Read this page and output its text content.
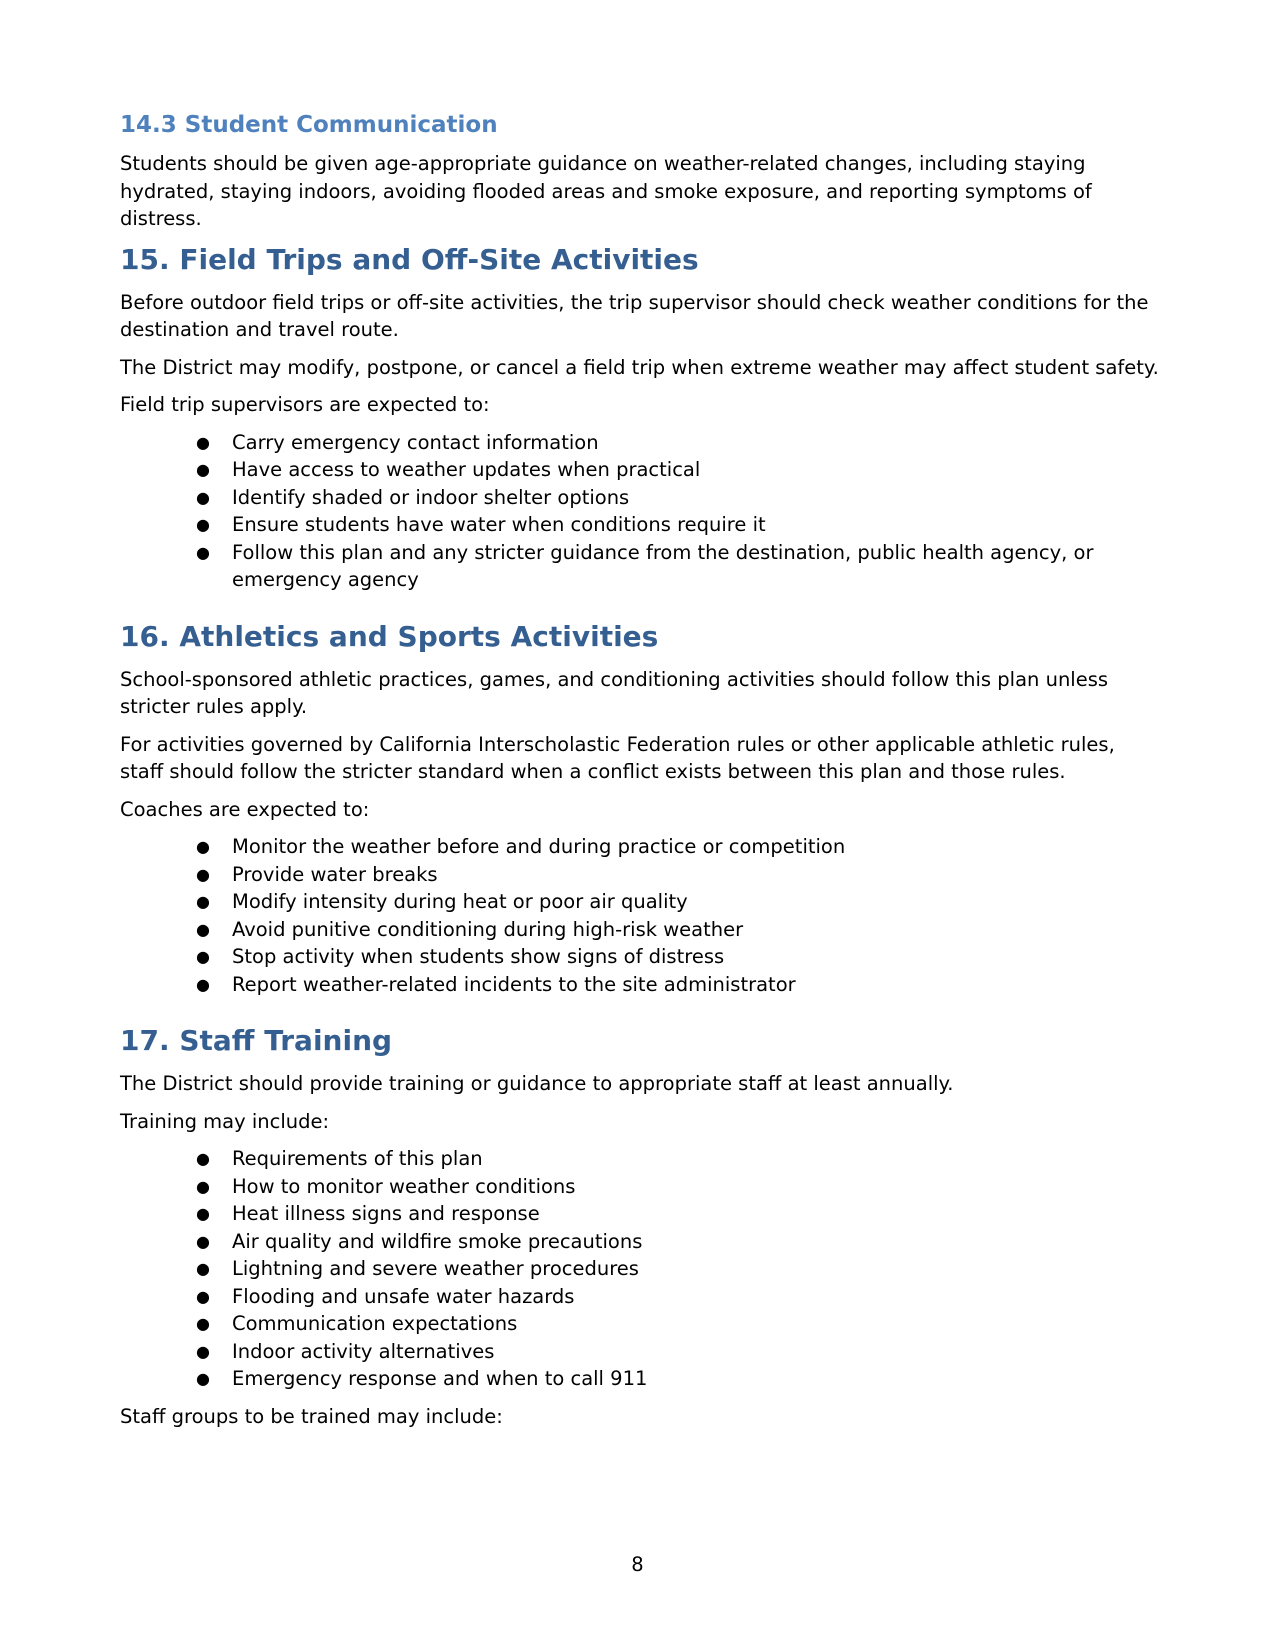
14.3 Student Communication

Students should be given age-appropriate guidance on weather-related changes, including staying hydrated, staying indoors, avoiding flooded areas and smoke exposure, and reporting symptoms of distress.

15. Field Trips and Off-Site Activities

Before outdoor field trips or off-site activities, the trip supervisor should check weather conditions for the destination and travel route.

The District may modify, postpone, or cancel a field trip when extreme weather may affect student safety.

Field trip supervisors are expected to:

● Carry emergency contact information
● Have access to weather updates when practical
● Identify shaded or indoor shelter options
● Ensure students have water when conditions require it
● Follow this plan and any stricter guidance from the destination, public health agency, or emergency agency
16. Athletics and Sports Activities

School-sponsored athletic practices, games, and conditioning activities should follow this plan unless stricter rules apply.

For activities governed by California Interscholastic Federation rules or other applicable athletic rules, staff should follow the stricter standard when a conflict exists between this plan and those rules.

Coaches are expected to:

● Monitor the weather before and during practice or competition
● Provide water breaks
● Modify intensity during heat or poor air quality
● Avoid punitive conditioning during high-risk weather
● Stop activity when students show signs of distress
● Report weather-related incidents to the site administrator
17. Staff Training

The District should provide training or guidance to appropriate staff at least annually.

Training may include:

● Requirements of this plan
● How to monitor weather conditions
● Heat illness signs and response
● Air quality and wildfire smoke precautions
● Lightning and severe weather procedures
● Flooding and unsafe water hazards
● Communication expectations
● Indoor activity alternatives
● Emergency response and when to call 911

Staff groups to be trained may include:

8
